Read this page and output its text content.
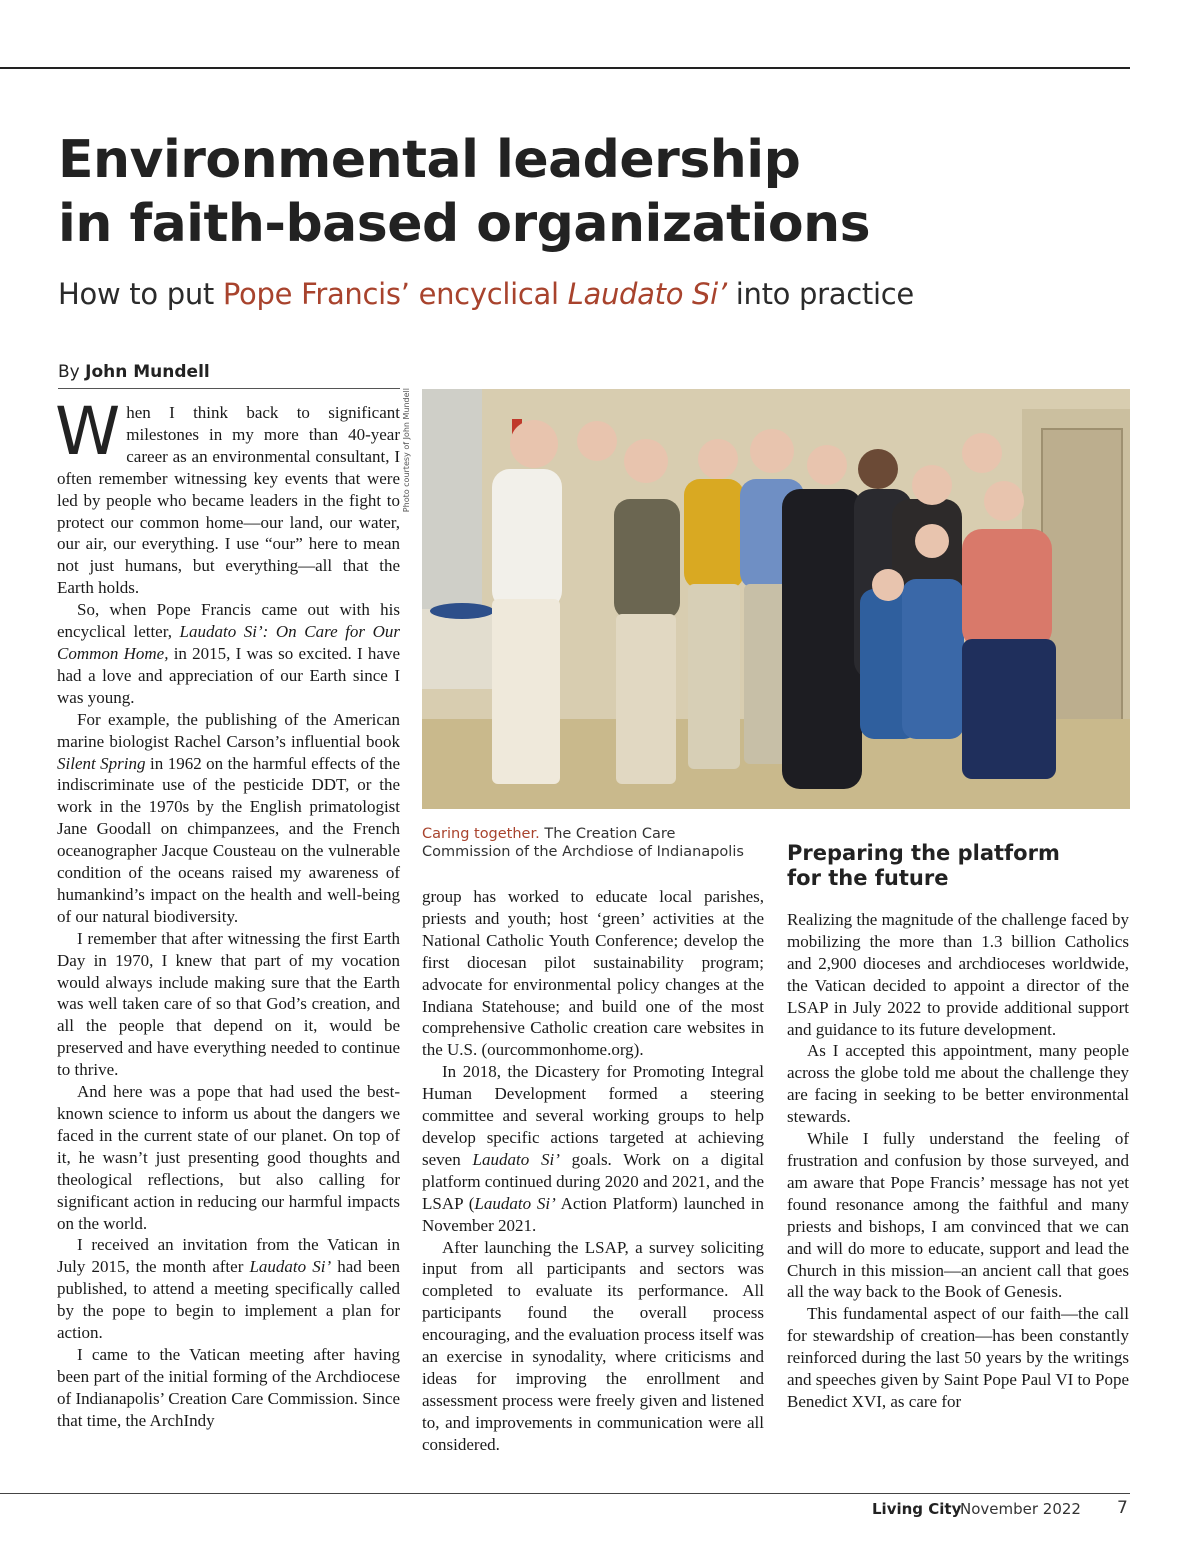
Environmental leadership
in faith-based organizations
How to put Pope Francis’ encyclical Laudato Si’ into practice
By John Mundell

When I think back to significant milestones in my more than 40-year career as an environmental consultant, I often remember witnessing key events that were led by people who became leaders in the fight to protect our common home—our land, our water, our air, our everything. I use “our” here to mean not just humans, but everything—all that the Earth holds.

So, when Pope Francis came out with his encyclical letter, Laudato Si’: On Care for Our Common Home, in 2015, I was so excited. I have had a love and appreciation of our Earth since I was young.

For example, the publishing of the American marine biologist Rachel Carson’s influential book Silent Spring in 1962 on the harmful effects of the indiscriminate use of the pesticide DDT, or the work in the 1970s by the English primatologist Jane Goodall on chimpanzees, and the French oceanographer Jacque Cousteau on the vulnerable condition of the oceans raised my awareness of humankind’s impact on the health and well-being of our natural biodiversity.

I remember that after witnessing the first Earth Day in 1970, I knew that part of my vocation would always include making sure that the Earth was well taken care of so that God’s creation, and all the people that depend on it, would be preserved and have everything needed to continue to thrive.

And here was a pope that had used the best-known science to inform us about the dangers we faced in the current state of our planet. On top of it, he wasn’t just presenting good thoughts and theological reflections, but also calling for significant action in reducing our harmful impacts on the world.

I received an invitation from the Vatican in July 2015, the month after Laudato Si’ had been published, to attend a meeting specifically called by the pope to begin to implement a plan for action.

I came to the Vatican meeting after having been part of the initial forming of the Archdiocese of Indianapolis’ Creation Care Commission. Since that time, the ArchIndy

Photo courtesy of John Mundell
Caring together. The Creation Care Commission of the Archdiose of Indianapolis

group has worked to educate local parishes, priests and youth; host ‘green’ activities at the National Catholic Youth Conference; develop the first diocesan pilot sustainability program; advocate for environmental policy changes at the Indiana Statehouse; and build one of the most comprehensive Catholic creation care websites in the U.S. (ourcommonhome.org).

In 2018, the Dicastery for Promoting Integral Human Development formed a steering committee and several working groups to help develop specific actions targeted at achieving seven Laudato Si’ goals. Work on a digital platform continued during 2020 and 2021, and the LSAP (Laudato Si’ Action Platform) launched in November 2021.

After launching the LSAP, a survey soliciting input from all participants and sectors was completed to evaluate its performance. All participants found the overall process encouraging, and the evaluation process itself was an exercise in synodality, where criticisms and ideas for improving the enrollment and assessment process were freely given and listened to, and improvements in communication were all considered.

Preparing the platform
for the future

Realizing the magnitude of the challenge faced by mobilizing the more than 1.3 billion Catholics and 2,900 dioceses and archdioceses worldwide, the Vatican decided to appoint a director of the LSAP in July 2022 to provide additional support and guidance to its future development.

As I accepted this appointment, many people across the globe told me about the challenge they are facing in seeking to be better environmental stewards.

While I fully understand the feeling of frustration and confusion by those surveyed, and am aware that Pope Francis’ message has not yet found resonance among the faithful and many priests and bishops, I am convinced that we can and will do more to educate, support and lead the Church in this mission—an ancient call that goes all the way back to the Book of Genesis.

This fundamental aspect of our faith—the call for stewardship of creation—has been constantly reinforced during the last 50 years by the writings and speeches given by Saint Pope Paul VI to Pope Benedict XVI, as care for

Living City
November 2022 7
